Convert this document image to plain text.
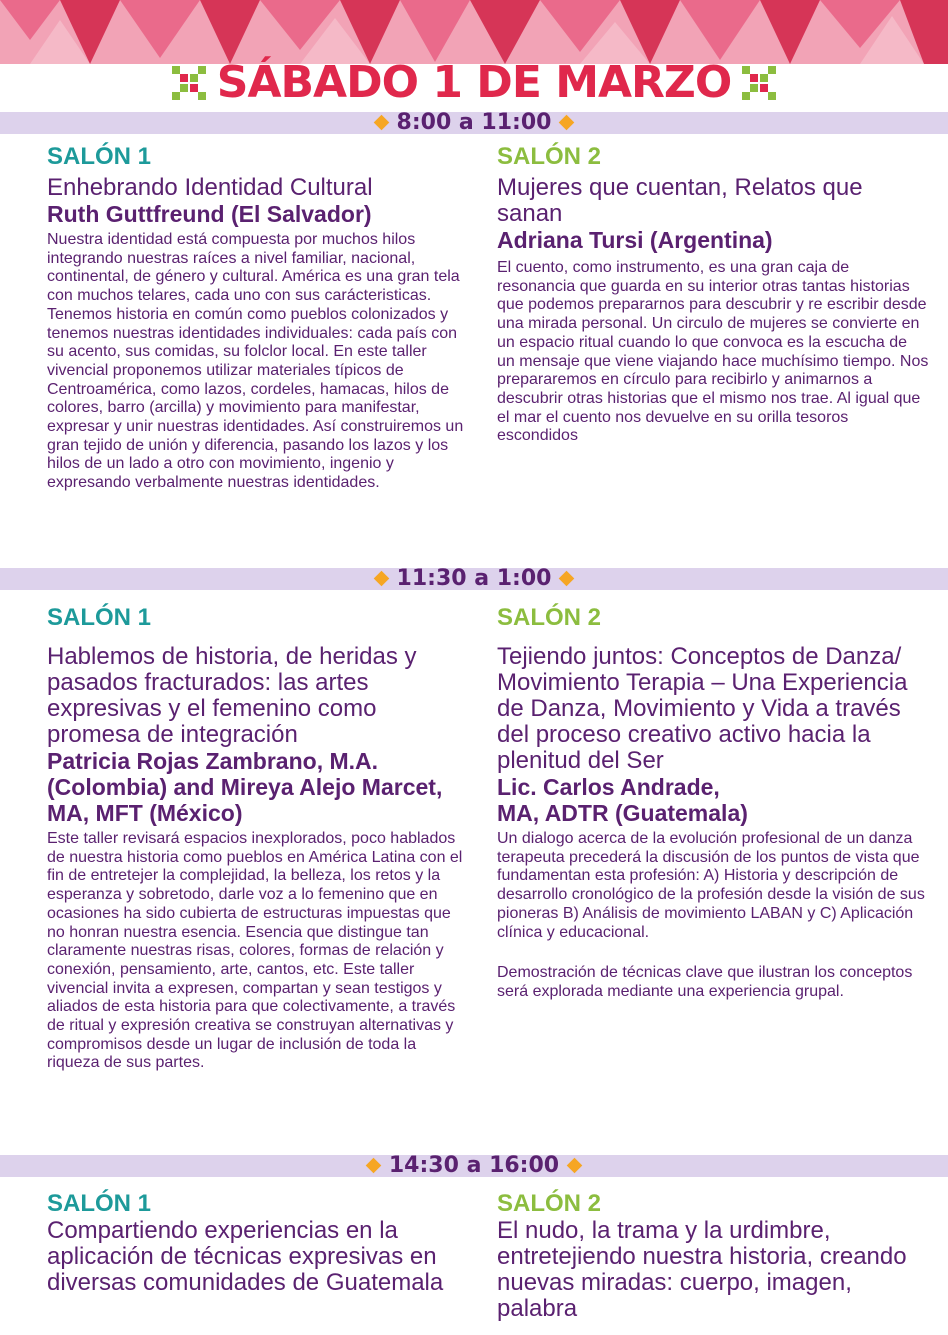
SÁBADO 1 DE MARZO
8:00 a 11:00
SALÓN 1
Enhebrando Identidad Cultural
Ruth Guttfreund (El Salvador)
Nuestra identidad está compuesta por muchos hilos integrando nuestras raíces a nivel familiar, nacional, continental, de género y cultural. América es una gran tela con muchos telares, cada uno con sus carácteristicas. Tenemos historia en común como pueblos colonizados y tenemos nuestras identidades individuales: cada país con su acento, sus comidas, su folclor local. En este taller vivencial proponemos utilizar materiales típicos de Centroamérica, como lazos, cordeles, hamacas, hilos de colores, barro (arcilla) y movimiento para manifestar, expresar y unir nuestras identidades. Así construiremos un gran tejido de unión y diferencia, pasando los lazos y los hilos de un lado a otro con movimiento, ingenio y expresando verbalmente nuestras identidades.
SALÓN 2
Mujeres que cuentan, Relatos que sanan
Adriana Tursi (Argentina)
El cuento, como instrumento, es una gran caja de resonancia que guarda en su interior otras tantas historias que podemos prepararnos para descubrir y re escribir desde una mirada personal. Un circulo de mujeres se convierte en un espacio ritual cuando lo que convoca es la escucha de un mensaje que viene viajando hace muchísimo tiempo. Nos prepararemos en círculo para recibirlo y animarnos a descubrir otras historias que el mismo nos trae. Al igual que el mar el cuento nos devuelve en su orilla tesoros escondidos
11:30 a 1:00
SALÓN 1
Hablemos de historia, de heridas y pasados fracturados: las artes expresivas y el femenino como promesa de integración
Patricia Rojas Zambrano, M.A. (Colombia) and Mireya Alejo Marcet, MA, MFT (México)
Este taller revisará espacios inexplorados, poco hablados de nuestra historia como pueblos en América Latina con el fin de entretejer la complejidad, la belleza, los retos y la esperanza y sobretodo, darle voz a lo femenino que en ocasiones ha sido cubierta de estructuras impuestas que no honran nuestra esencia. Esencia que distingue tan claramente nuestras risas, colores, formas de relación y conexión, pensamiento, arte, cantos, etc. Este taller vivencial invita a expresen, compartan y sean testigos y aliados de esta historia para que colectivamente, a través de ritual y expresión creativa se construyan alternativas y compromisos desde un lugar de inclusión de toda la riqueza de sus partes.
SALÓN 2
Tejiendo juntos: Conceptos de Danza/ Movimiento Terapia – Una Experiencia de Danza, Movimiento y Vida a través del proceso creativo activo hacia la plenitud del Ser
Lic. Carlos Andrade,
MA, ADTR (Guatemala)
Un dialogo acerca de la evolución profesional de un danza terapeuta precederá la discusión de los puntos de vista que fundamentan esta profesión: A) Historia y descripción de desarrollo cronológico de la profesión desde la visión de sus pioneras B) Análisis de movimiento LABAN y C) Aplicación clínica y educacional.
Demostración de técnicas clave que ilustran los conceptos será explorada mediante una experiencia grupal.
14:30 a 16:00
SALÓN 1
Compartiendo experiencias en la aplicación de técnicas expresivas en diversas comunidades de Guatemala
SALÓN 2
El nudo, la trama y la urdimbre, entretejiendo nuestra historia, creando nuevas miradas: cuerpo, imagen, palabra
